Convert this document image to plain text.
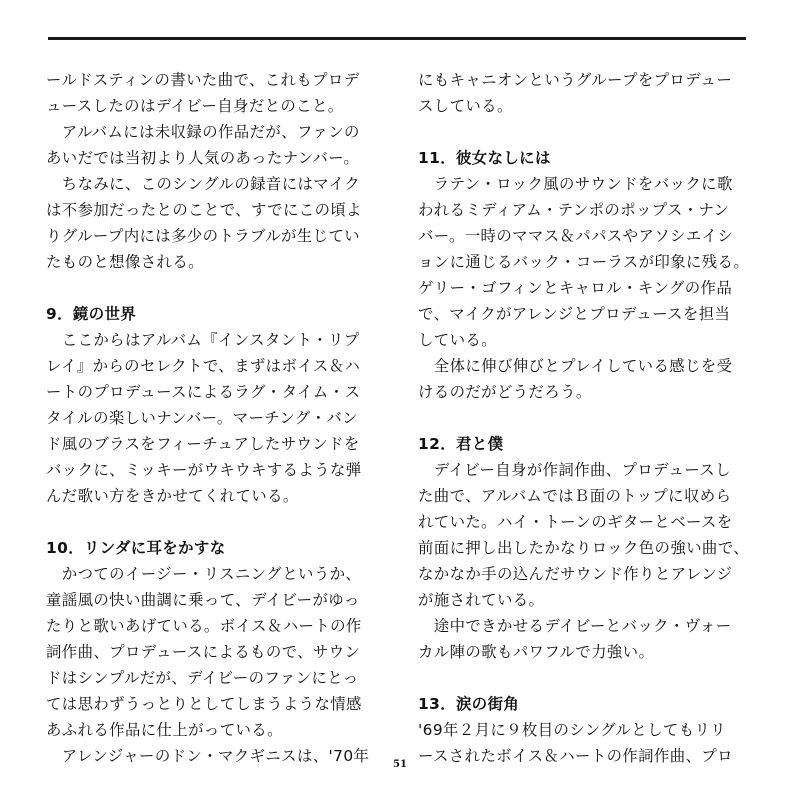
ールドスティンの書いた曲で、これもプロデ

ュースしたのはデイビー自身だとのこと。

　アルバムには未収録の作品だが、ファンの

あいだでは当初より人気のあったナンバー。

　ちなみに、このシングルの録音にはマイク

は不参加だったとのことで、すでにこの頃よ

りグループ内には多少のトラブルが生じてい

たものと想像される。

9．鏡の世界

　ここからはアルバム『インスタント・リプ

レイ』からのセレクトで、まずはボイス＆ハ

ートのプロデュースによるラグ・タイム・ス

タイルの楽しいナンバー。マーチング・バン

ド風のブラスをフィーチュアしたサウンドを

バックに、ミッキーがウキウキするような弾

んだ歌い方をきかせてくれている。

10．リンダに耳をかすな

　かつてのイージー・リスニングというか、

童謡風の快い曲調に乗って、デイビーがゆっ

たりと歌いあげている。ボイス＆ハートの作

詞作曲、プロデュースによるもので、サウン

ドはシンプルだが、デイビーのファンにとっ

ては思わずうっとりとしてしまうような情感

あふれる作品に仕上がっている。

　アレンジャーのドン・マクギニスは、'70年

にもキャニオンというグループをプロデュー

スしている。

11．彼女なしには

　ラテン・ロック風のサウンドをバックに歌

われるミディアム・テンポのポップス・ナン

バー。一時のママス＆パパスやアソシエイシ

ョンに通じるバック・コーラスが印象に残る。

ゲリー・ゴフィンとキャロル・キングの作品

で、マイクがアレンジとプロデュースを担当

している。

　全体に伸び伸びとプレイしている感じを受

けるのだがどうだろう。

12．君と僕

　デイビー自身が作詞作曲、プロデュースし

た曲で、アルバムではＢ面のトップに収めら

れていた。ハイ・トーンのギターとベースを

前面に押し出したかなりロック色の強い曲で、

なかなか手の込んだサウンド作りとアレンジ

が施されている。

　途中できかせるデイビーとバック・ヴォー

カル陣の歌もパワフルで力強い。

13．涙の街角

'69年２月に９枚目のシングルとしてもリリ

ースされたボイス＆ハートの作詞作曲、プロ

51
